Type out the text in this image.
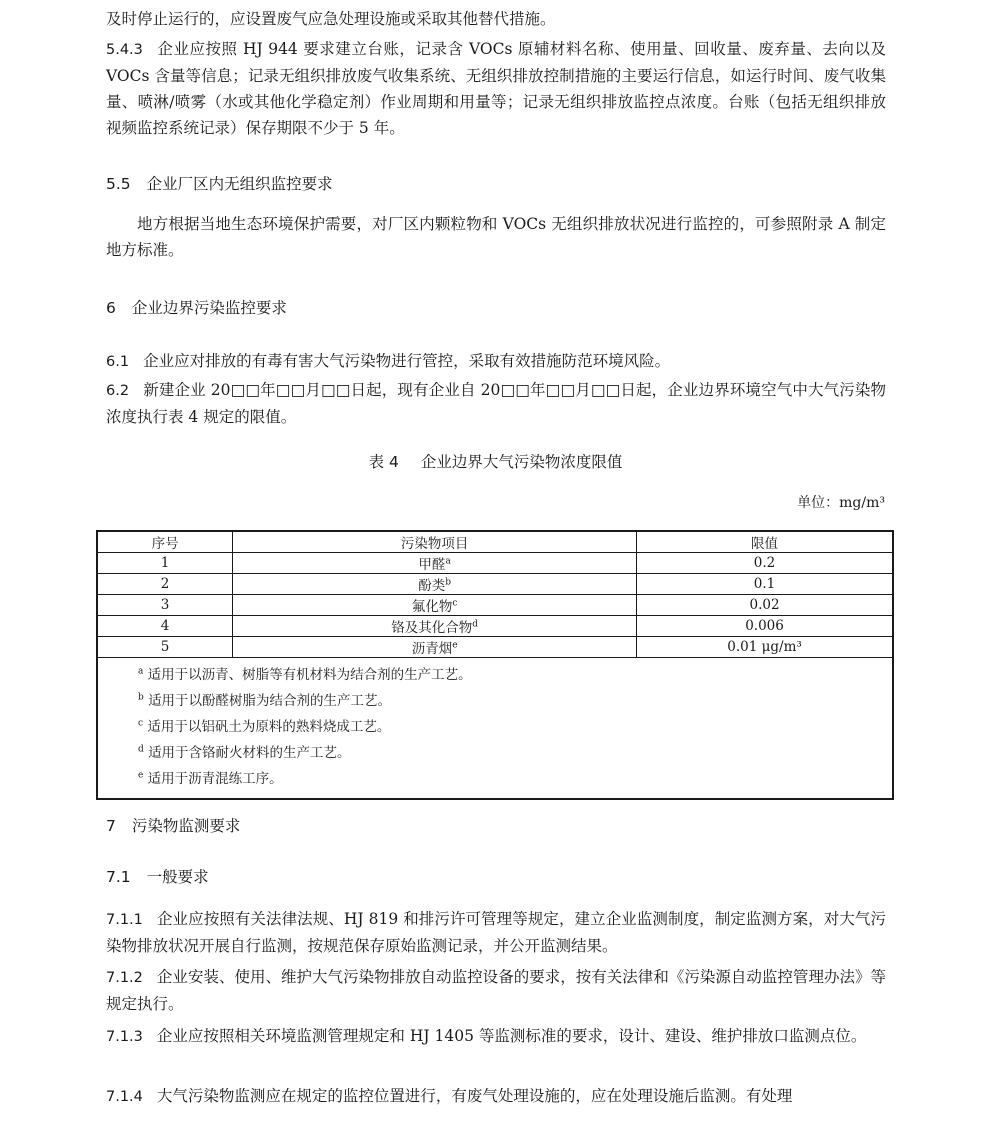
及时停止运行的，应设置废气应急处理设施或采取其他替代措施。

5.4.3 企业应按照 HJ 944 要求建立台账，记录含 VOCs 原辅材料名称、使用量、回收量、废弃量、去向以及 VOCs 含量等信息；记录无组织排放废气收集系统、无组织排放控制措施的主要运行信息，如运行时间、废气收集量、喷淋/喷雾（水或其他化学稳定剂）作业周期和用量等；记录无组织排放监控点浓度。台账（包括无组织排放视频监控系统记录）保存期限不少于 5 年。

5.5 企业厂区内无组织监控要求

地方根据当地生态环境保护需要，对厂区内颗粒物和 VOCs 无组织排放状况进行监控的，可参照附录 A 制定地方标准。

6 企业边界污染监控要求

6.1 企业应对排放的有毒有害大气污染物进行管控，采取有效措施防范环境风险。

6.2 新建企业 20□□年□□月□□日起，现有企业自 20□□年□□月□□日起，企业边界环境空气中大气污染物浓度执行表 4 规定的限值。

表 4 企业边界大气污染物浓度限值
单位：mg/m³
序号	污染物项目	限值
1	甲醛$^a$	0.2
2	酚类$^b$	0.1
3	氟化物$^c$	0.02
4	铬及其化合物$^d$	0.006
5	沥青烟$^e$	0.01 μg/m³

$^a$ 适用于以沥青、树脂等有机材料为结合剂的生产工艺。
$^b$ 适用于以酚醛树脂为结合剂的生产工艺。
$^c$ 适用于以铝矾土为原料的熟料烧成工艺。
$^d$ 适用于含铬耐火材料的生产工艺。
$^e$ 适用于沥青混练工序。		

7 污染物监测要求

7.1 一般要求

7.1.1 企业应按照有关法律法规、HJ 819 和排污许可管理等规定，建立企业监测制度，制定监测方案，对大气污染物排放状况开展自行监测，按规范保存原始监测记录，并公开监测结果。

7.1.2 企业安装、使用、维护大气污染物排放自动监控设备的要求，按有关法律和《污染源自动监控管理办法》等规定执行。

7.1.3 企业应按照相关环境监测管理规定和 HJ 1405 等监测标准的要求，设计、建设、维护排放口监测点位。

7.1.4 大气污染物监测应在规定的监控位置进行，有废气处理设施的，应在处理设施后监测。有处理
